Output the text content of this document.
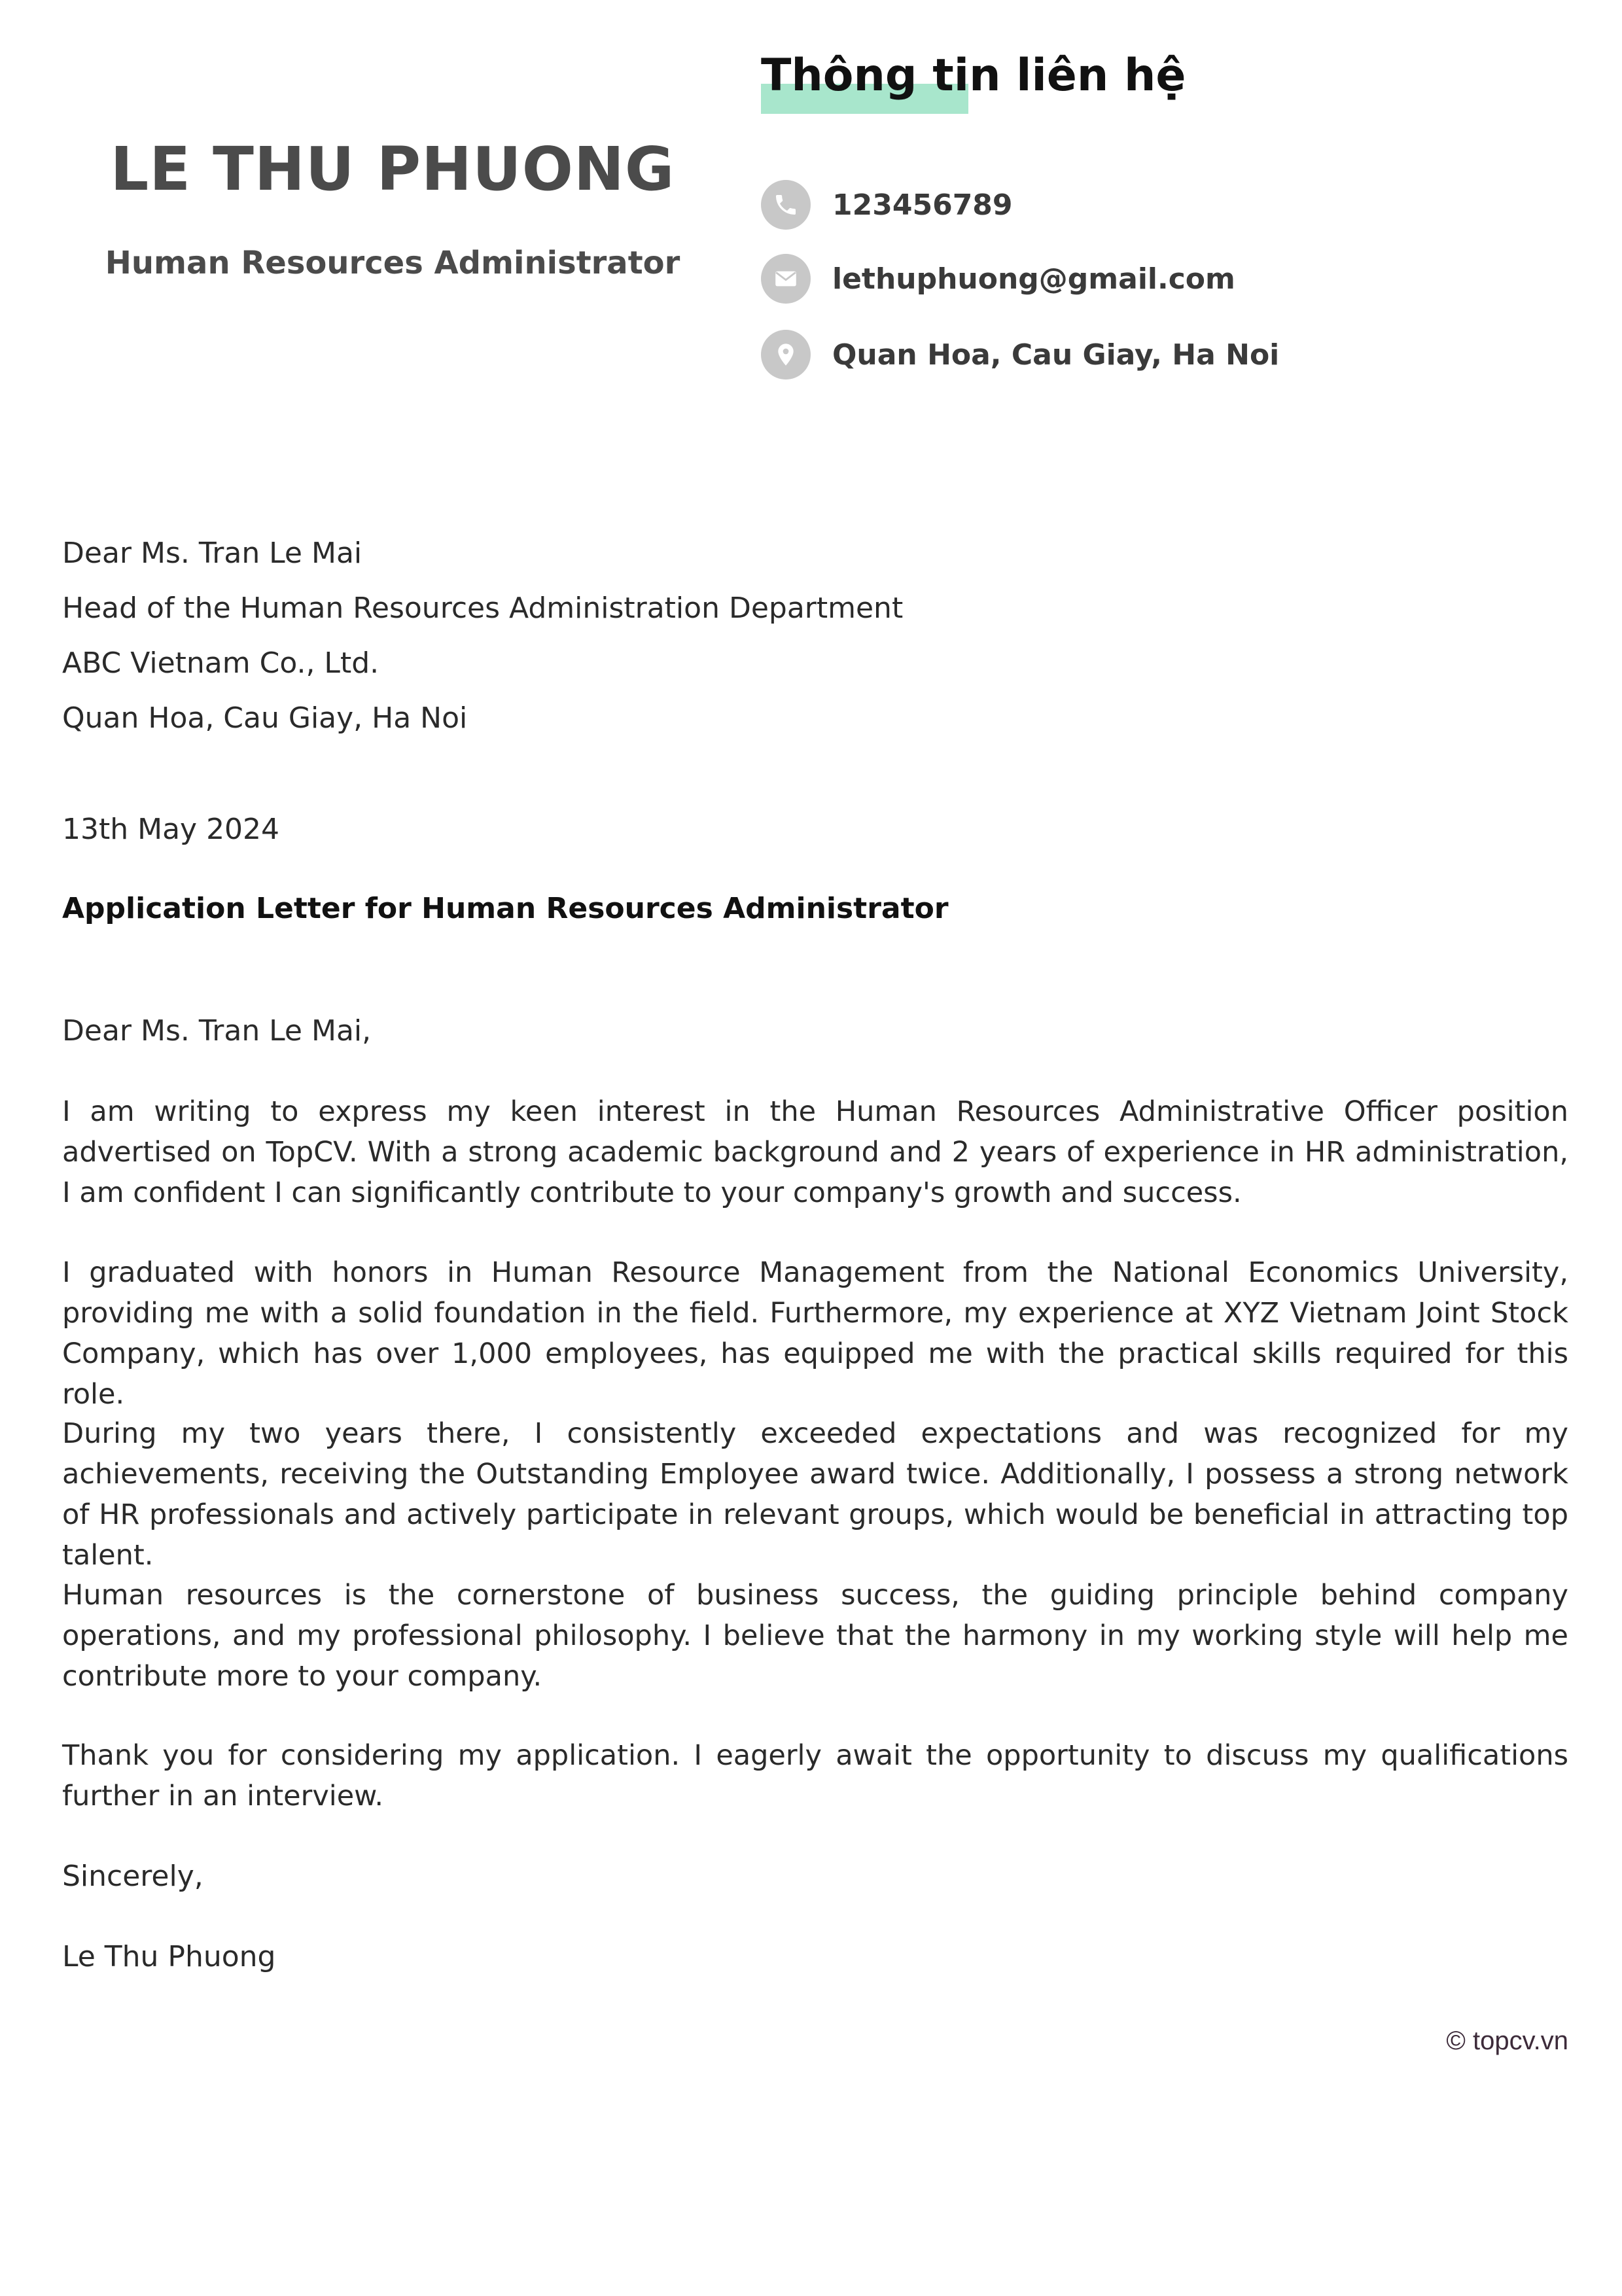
LE THU PHUONG
Human Resources Administrator
Thông tin liên hệ
123456789
lethuphuong@gmail.com
Quan Hoa, Cau Giay, Ha Noi
Dear Ms. Tran Le Mai
Head of the Human Resources Administration Department
ABC Vietnam Co., Ltd.
Quan Hoa, Cau Giay, Ha Noi
13th May 2024
Application Letter for Human Resources Administrator
Dear Ms. Tran Le Mai,
I am writing to express my keen interest in the Human Resources Administrative Officer position advertised on TopCV. With a strong academic background and 2 years of experience in HR administration, I am confident I can significantly contribute to your company's growth and success.
I graduated with honors in Human Resource Management from the National Economics University, providing me with a solid foundation in the field. Furthermore, my experience at XYZ Vietnam Joint Stock Company, which has over 1,000 employees, has equipped me with the practical skills required for this role.
During my two years there, I consistently exceeded expectations and was recognized for my achievements, receiving the Outstanding Employee award twice. Additionally, I possess a strong network of HR professionals and actively participate in relevant groups, which would be beneficial in attracting top talent.
Human resources is the cornerstone of business success, the guiding principle behind company operations, and my professional philosophy. I believe that the harmony in my working style will help me contribute more to your company.
Thank you for considering my application. I eagerly await the opportunity to discuss my qualifications further in an interview.
Sincerely,
Le Thu Phuong
© topcv.vn
